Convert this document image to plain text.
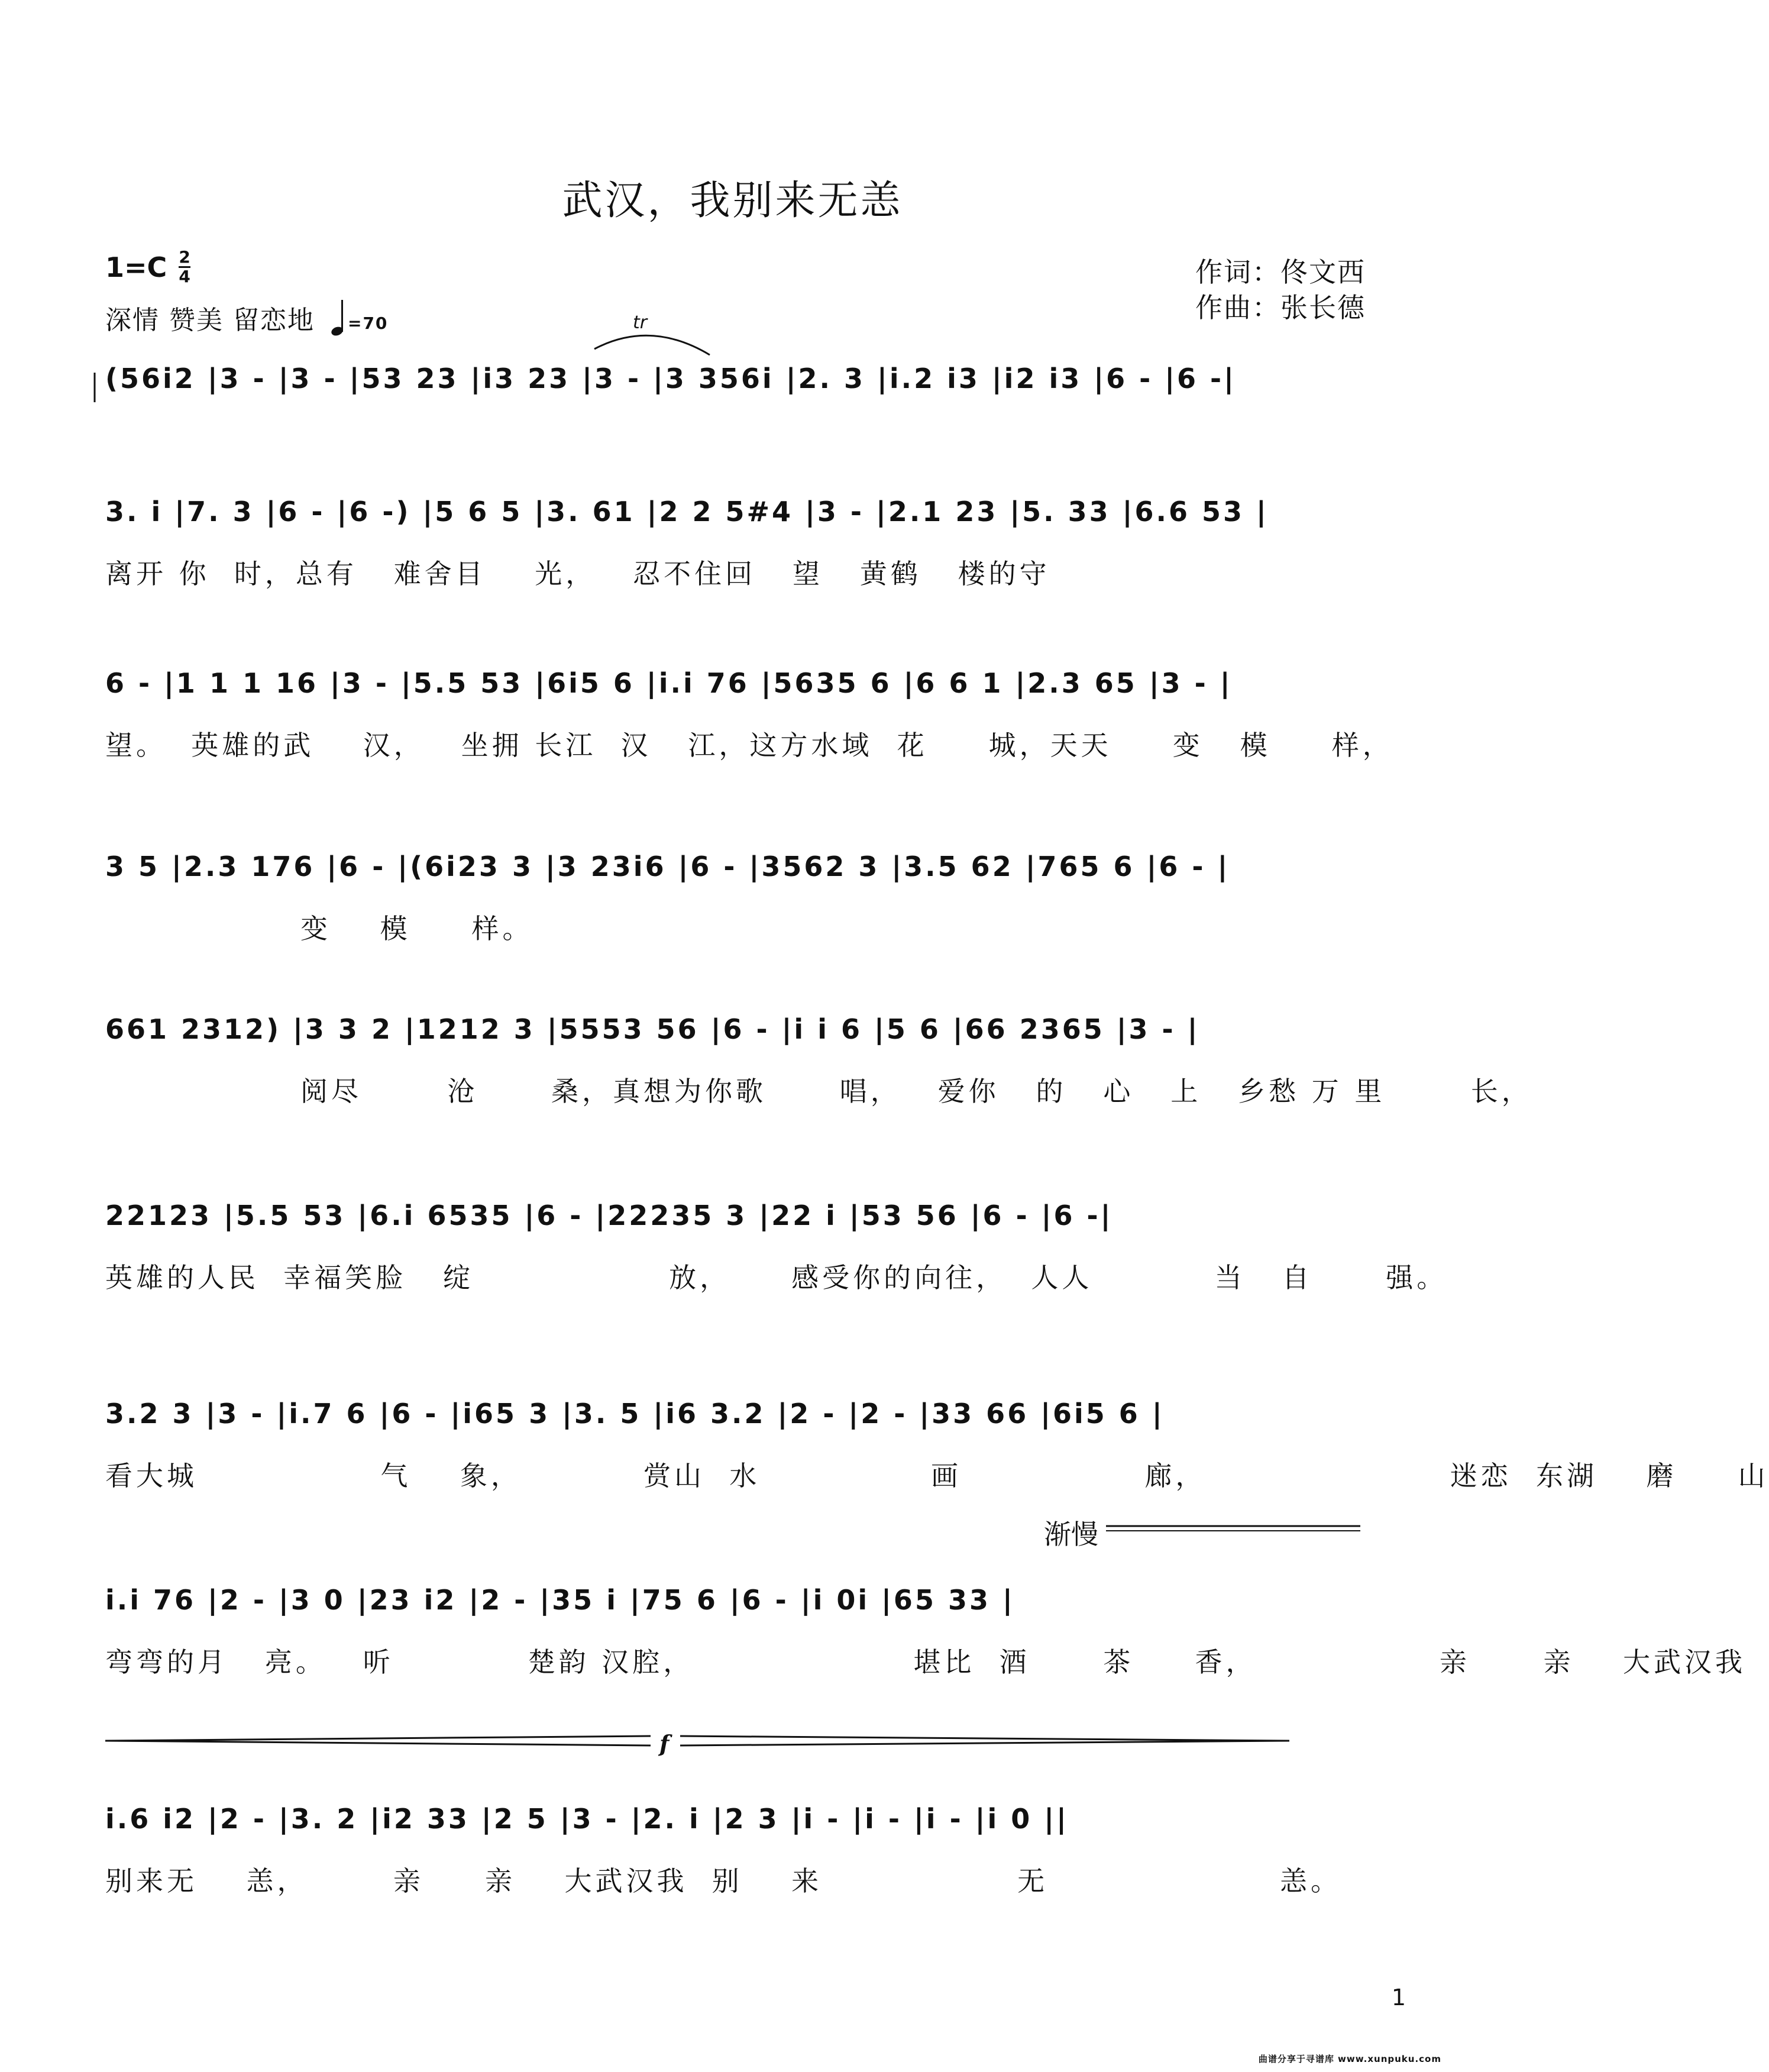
武汉，我别来无恙
$1=C \frac{2}{4}$
深情 赞美 留恋地 =70
作词：佟文西
作曲：张长德
tr
(56i2 |3 - |3 - |53 23 |i3 23 |3 - |3 356i |2. 3 |i.2 i3 |i2 i3 |6 - |6 -|
3. i |7. 3 |6 - |6 -) |5 6 5 |3. 61 |2 2 5#4 |3 - |2.1 23 |5. 33 |6.6 53 |
离开 你  时，总有   难舍目    光，   忍不住回   望   黄鹤   楼的守
6 - |1 1 1 16 |3 - |5.5 53 |6i5 6 |i.i 76 |5635 6 |6 6 1 |2.3 65 |3 - |
望。  英雄的武    汉，   坐拥 长江  汉   江，这方水域  花     城，天天     变   模     样，
3 5 |2.3 176 |6 - |(6i23 3 |3 23i6 |6 - |3562 3 |3.5 62 |765 6 |6 - |
变    模     样。
661 2312) |3 3 2 |1212 3 |5553 56 |6 - |i i 6 |5 6 |66 2365 |3 - |
阅尽       沧      桑，真想为你歌      唱，   爱你   的   心   上   乡愁 万 里       长，
22123 |5.5 53 |6.i 6535 |6 - |22235 3 |22 i |53 56 |6 - |6 -|
英雄的人民  幸福笑脸   绽                放，     感受你的向往，  人人          当   自      强。
3.2 3 |3 - |i.7 6 |6 - |i65 3 |3. 5 |i6 3.2 |2 - |2 - |33 66 |6i5 6 |
看大城               气    象，          赏山  水              画               廊，                    迷恋  东湖    磨     山
渐慢
i.i 76 |2 - |3 0 |23 i2 |2 - |35 i |75 6 |6 - |i 0i |65 33 |
弯弯的月   亮。   听           楚韵 汉腔，                  堪比  酒      茶     香，               亲      亲    大武汉我
f
i.6 i2 |2 - |3. 2 |i2 33 |2 5 |3 - |2. i |2 3 |i - |i - |i - |i 0 ||
别来无    恙，       亲     亲    大武汉我  别    来                无                   恙。
1
曲谱分享于寻谱库 www.xunpuku.com
